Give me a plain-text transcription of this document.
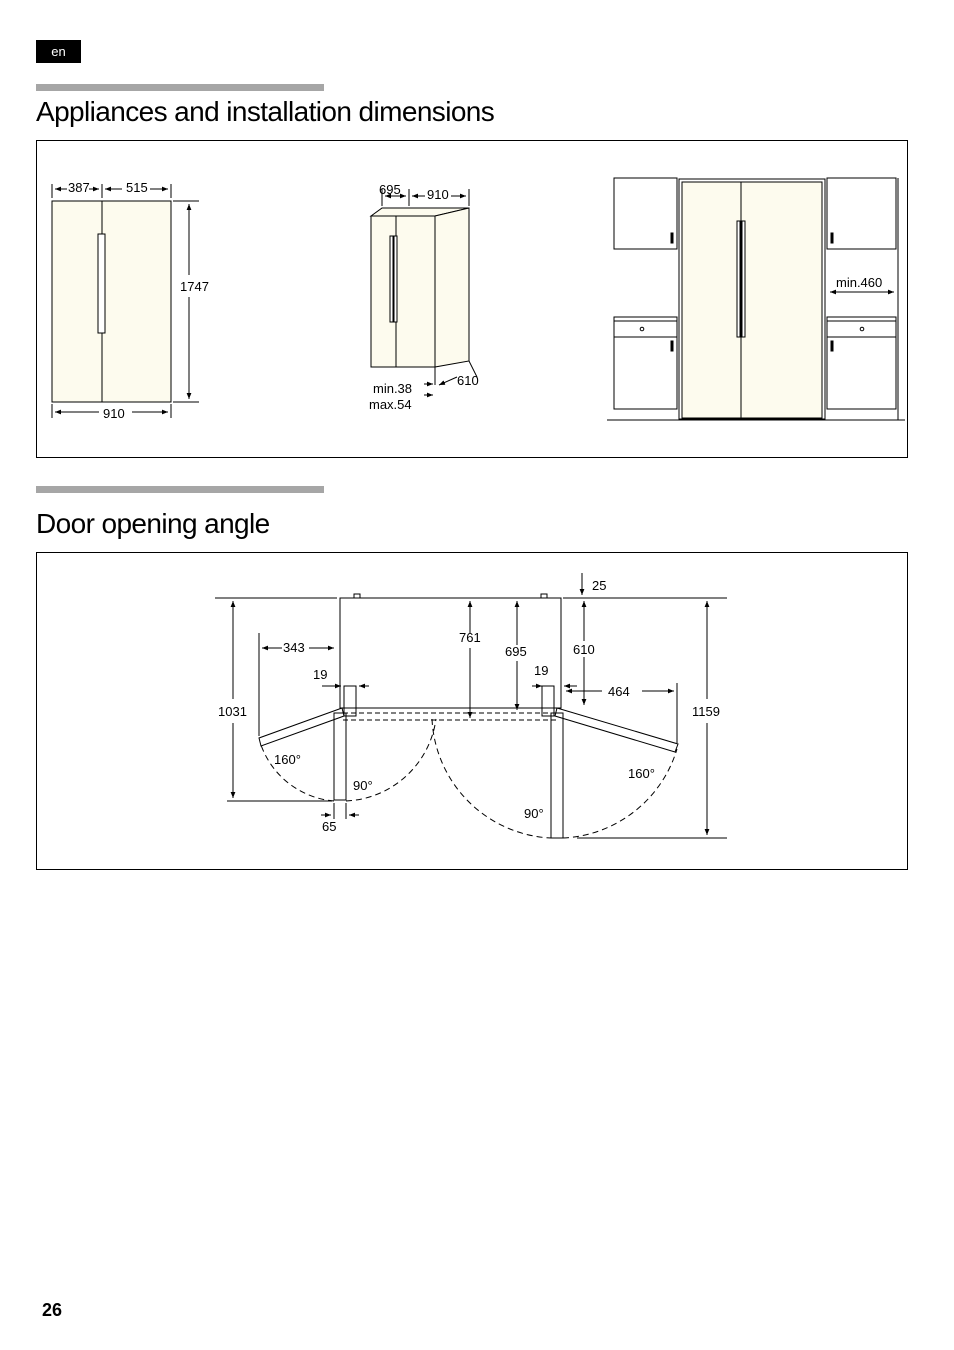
en
Appliances and installation dimensions
387	515
1747
910
695 910
610
min.38
max.54
min.460
Door opening angle
25
343
761
695	610
19	19
464
1031	1159
160°
160°
90°
90°
65
26
